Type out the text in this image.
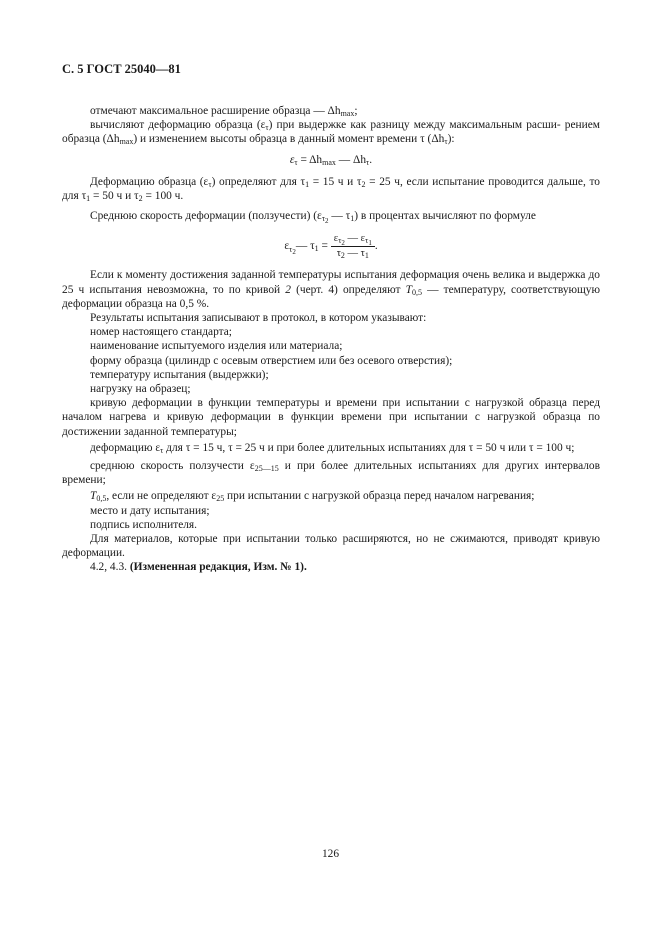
С. 5 ГОСТ 25040—81

отмечают максимальное расширение образца — $\Delta h_{max}$;

вычисляют деформацию образца $(\varepsilon_\tau)$ при выдержке как разницу между максимальным расши- рением образца $(\Delta h_{max})$ и изменением высоты образца в данный момент времени τ $(\Delta h_\tau)$:

$\varepsilon_\tau = \Delta h_{max}$ — $\Delta h_\tau$.

Деформацию образца $(\varepsilon_\tau)$ определяют для $\tau_1 = 15$ ч и $\tau_2 = 25$ ч, если испытание проводится дальше, то для $\tau_1 = 50$ ч и $\tau_2 = 100$ ч.

Среднюю скорость деформации (ползучести) ($\varepsilon_{\tau_2}$ — $\tau_1$) в процентах вычисляют по формуле

$\varepsilon_{\tau_2}—$ $\tau_1 = \frac{\varepsilon_{\tau_2} — \varepsilon_{\tau_1}}{\tau_2 — \tau_1}$ .

Если к моменту достижения заданной температуры испытания деформация очень велика и выдержка до 25 ч испытания невозможна, то по кривой 2 (черт. 4) определяют $T_{0,5}$ — температуру, соответствующую деформации образца на 0,5 %.

Результаты испытания записывают в протокол, в котором указывают:

номер настоящего стандарта;

наименование испытуемого изделия или материала;

форму образца (цилиндр с осевым отверстием или без осевого отверстия);

температуру испытания (выдержки);

нагрузку на образец;

кривую деформации в функции температуры и времени при испытании с нагрузкой образца перед началом нагрева и кривую деформации в функции времени при испытании с нагрузкой образца по достижении заданной температуры;

деформацию $\varepsilon_\tau$ для τ = 15 ч, τ = 25 ч и при более длительных испытаниях для τ = 50 ч или τ = 100 ч;

среднюю скорость ползучести $\varepsilon_{25—15}$ и при более длительных испытаниях для других интервалов времени;

$T_{0,5}$, если не определяют $\varepsilon_{25}$ при испытании с нагрузкой образца перед началом нагревания;

место и дату испытания;

подпись исполнителя.

Для материалов, которые при испытании только расширяются, но не сжимаются, приводят кривую деформации.

4.2, 4.3. (Измененная редакция, Изм. № 1).

126
